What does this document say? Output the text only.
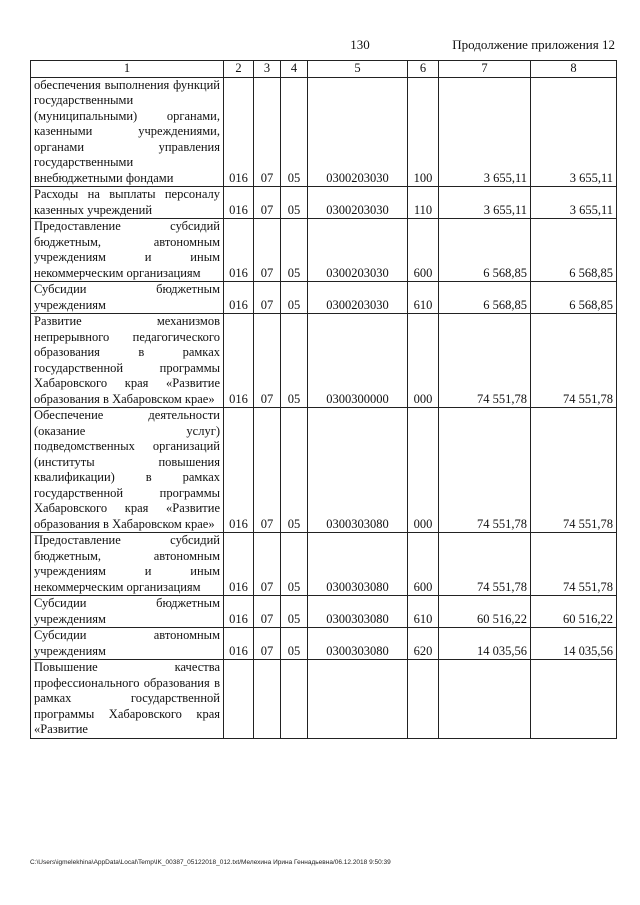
130	Продолжение приложения 12
1	2	3	4	5	6	7	8

обеспечения выполнения функций государственными (муниципальными) органами, казенными учреждениями, органами управления государственными внебюджетными фондами	016	07	05	0300203030	100	3 655,11	3 655,11

Расходы на выплаты персоналу казенных учреждений	016	07	05	0300203030	110	3 655,11	3 655,11

Предоставление субсидий бюджетным, автономным учреждениям и иным некоммерческим организациям	016	07	05	0300203030	600	6 568,85	6 568,85

Субсидии бюджетным учреждениям	016	07	05	0300203030	610	6 568,85	6 568,85

Развитие механизмов непрерывного педагогического образования в рамках государственной программы Хабаровского края «Развитие образования в Хабаровском крае»	016	07	05	0300300000	000	74 551,78	74 551,78

Обеспечение деятельности (оказание услуг) подведомственных организаций (институты повышения квалификации) в рамках государственной программы Хабаровского края «Развитие образования в Хабаровском крае»	016	07	05	0300303080	000	74 551,78	74 551,78

Предоставление субсидий бюджетным, автономным учреждениям и иным некоммерческим организациям	016	07	05	0300303080	600	74 551,78	74 551,78

Субсидии бюджетным учреждениям	016	07	05	0300303080	610	60 516,22	60 516,22

Субсидии автономным учреждениям	016	07	05	0300303080	620	14 035,56	14 035,56

Повышение качества профессионального образования в рамках государственной программы Хабаровского края «Развитие							

C:\Users\igmelekhina\AppData\Local\Temp\IK_00387_05122018_012.txt/Мелехина Ирина Геннадьевна/06.12.2018 9:50:39
